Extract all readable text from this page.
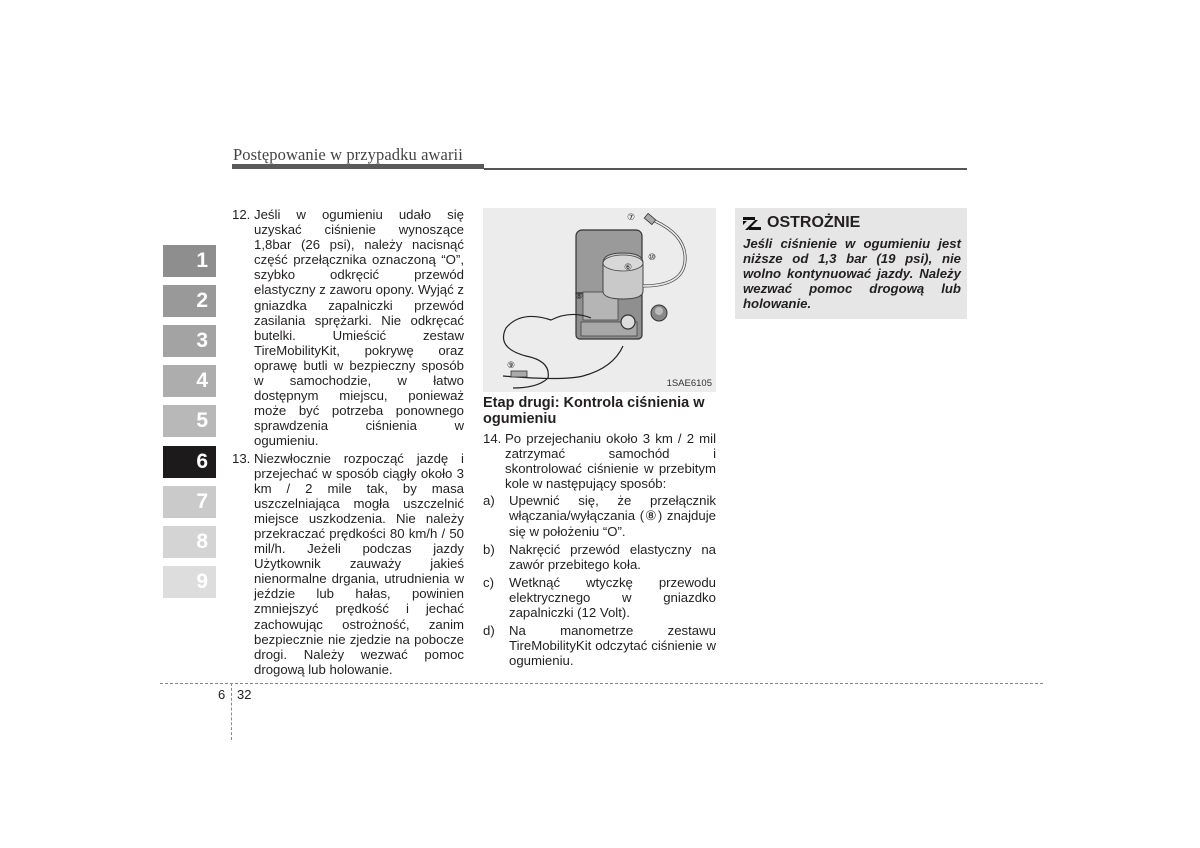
Postępowanie w przypadku awarii
1
2
3
4
5
6
7
8
9
12. Jeśli w ogumieniu udało się uzyskać ciśnienie wynoszące 1,8bar (26 psi), należy nacisnąć część przełącznika oznaczoną “O”, szybko odkręcić przewód elastyczny z zaworu opony. Wyjąć z gniazdka zapalniczki przewód zasilania sprężarki. Nie odkręcać butelki. Umieścić zestaw TireMobilityKit, pokrywę oraz oprawę butli w bezpieczny sposób w samochodzie, w łatwo dostępnym miejscu, ponieważ może być potrzeba ponownego sprawdzenia ciśnienia w ogumieniu.
13. Niezwłocznie rozpocząć jazdę i przejechać w sposób ciągły około 3 km / 2 mile tak, by masa uszczelniająca mogła uszczelnić miejsce uszkodzenia. Nie należy przekraczać prędkości 80 km/h / 50 mil/h. Jeżeli podczas jazdy Użytkownik zauważy jakieś nienormalne drgania, utrudnienia w jeździe lub hałas, powinien zmniejszyć prędkość i jechać zachowując ostrożność, zanim bezpiecznie nie zjedzie na pobocze drogi. Należy wezwać pomoc drogową lub holowanie.
⑦
⑩
⑥
⑧
⑨
1SAE6105
Etap drugi: Kontrola ciśnienia w ogumieniu
14. Po przejechaniu około 3 km / 2 mil zatrzymać samochód i skontrolować ciśnienie w przebitym kole w następujący sposób:
a)	Upewnić się, że przełącznik włączania/wyłączania (⑧) znajduje się w położeniu “O”.
b)	Nakręcić przewód elastyczny na zawór przebitego koła.
c)	Wetknąć wtyczkę przewodu elektrycznego w gniazdko zapalniczki (12 Volt).
d)	Na manometrze zestawu TireMobilityKit odczytać ciśnienie w ogumieniu.
OSTROŻNIE
Jeśli ciśnienie w ogumieniu jest niższe od 1,3 bar (19 psi), nie wolno kontynuować jazdy. Należy wezwać pomoc drogową lub holowanie.
6 32
